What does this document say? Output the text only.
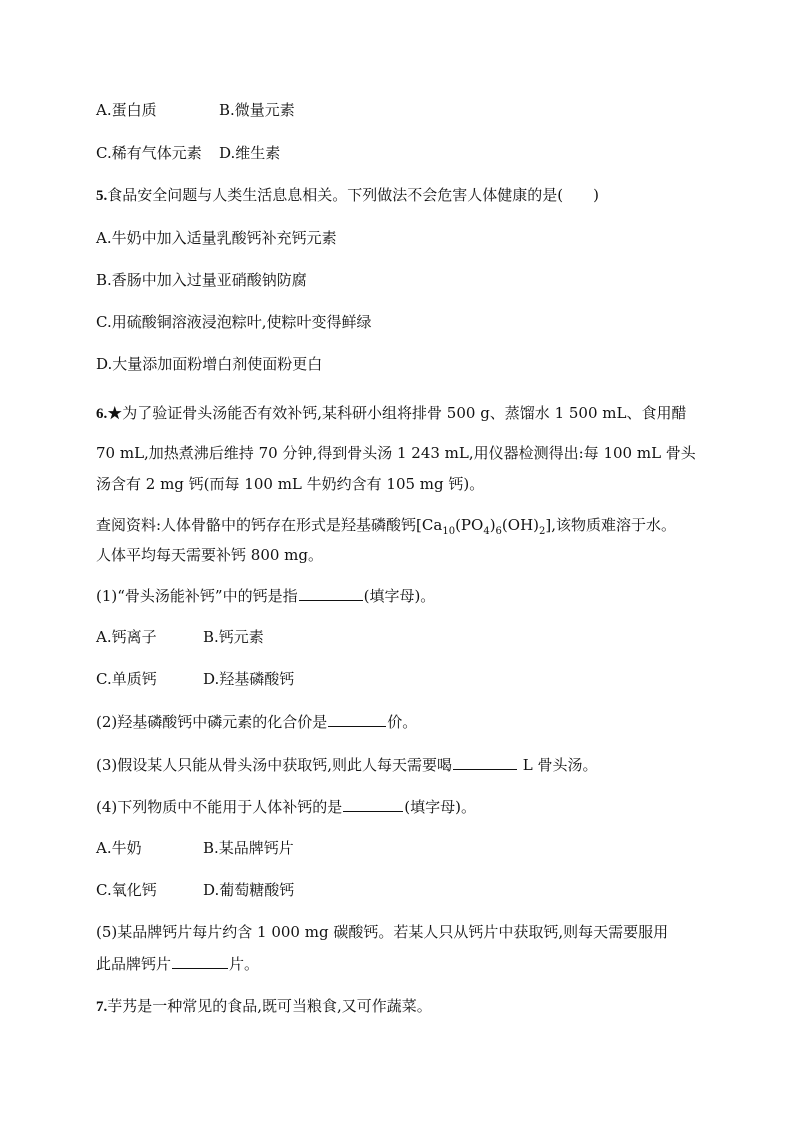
A.蛋白质	B.微量元素
C.稀有气体元素 D.维生素
5.食品安全问题与人类生活息息相关。下列做法不会危害人体健康的是( )
A.牛奶中加入适量乳酸钙补充钙元素
B.香肠中加入过量亚硝酸钠防腐
C.用硫酸铜溶液浸泡粽叶,使粽叶变得鲜绿
D.大量添加面粉增白剂使面粉更白
6.★为了验证骨头汤能否有效补钙,某科研小组将排骨 500 g、蒸馏水 1 500 mL、食用醋
70 mL,加热煮沸后维持 70 分钟,得到骨头汤 1 243 mL,用仪器检测得出:每 100 mL 骨头
汤含有 2 mg 钙(而每 100 mL 牛奶约含有 105 mg 钙)。
查阅资料:人体骨骼中的钙存在形式是羟基磷酸钙$[Ca_{10}(PO_4)_6(OH)_2]$,该物质难溶于水。
人体平均每天需要补钙 800 mg。
(1)“骨头汤能补钙”中的钙是指	(填字母)。
A.钙离子	B.钙元素
C.单质钙	D.羟基磷酸钙
(2)羟基磷酸钙中磷元素的化合价是	价。
(3)假设某人只能从骨头汤中获取钙,则此人每天需要喝	L 骨头汤。
(4)下列物质中不能用于人体补钙的是	(填字母)。
A.牛奶	B.某品牌钙片
C.氧化钙	D.葡萄糖酸钙
(5)某品牌钙片每片约含 1 000 mg 碳酸钙。若某人只从钙片中获取钙,则每天需要服用
此品牌钙片	片。
7.芋艿是一种常见的食品,既可当粮食,又可作蔬菜。
